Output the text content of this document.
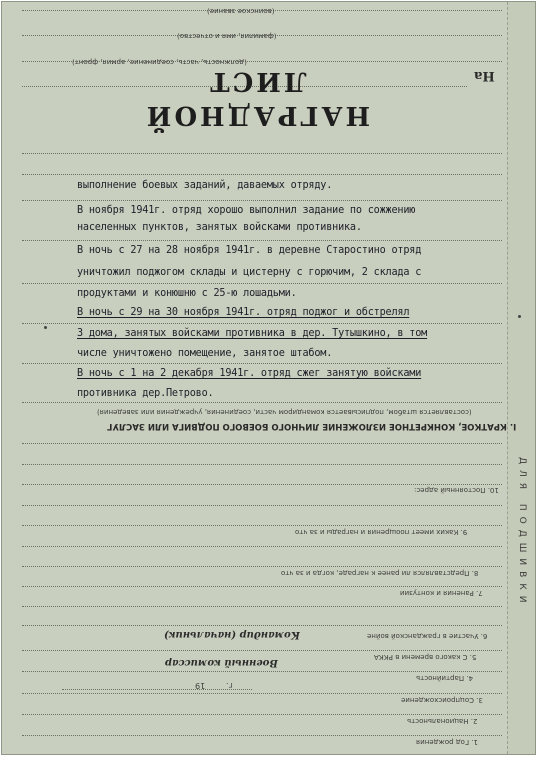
(воинское звание)
(фамилия, имя и отчество)
(должность, часть, соединение, армия, фронт)
На
НАГРАДНОЙ ЛИСТ
выполнение боевых заданий, даваемых отряду.
В ноября 1941г. отряд хорошо выполнил задание по сожжению
населенных пунктов, занятых войсками противника.
В ночь с 27 на 28 ноября 1941г. в деревне Старостино отряд
уничтожил поджогом склады и цистерну с горючим, 2 склада с
продуктами и конюшню с 25-ю лошадьми.
В ночь с 29 на 30 ноября 1941г. отряд поджог и обстрелял
3 дома, занятых войсками противника в дер. Тутышкино, в том
числе уничтожено помещение, занятое штабом.
В ночь с 1 на 2 декабря 1941г. отряд сжег занятую войсками
противника дер.Петрово.
(составляется штабом, подписывается командиром части, соединения, учреждения или заведения)
I. КРАТКОЕ, КОНКРЕТНОЕ ИЗЛОЖЕНИЕ ЛИЧНОГО БОЕВОГО ПОДВИГА ИЛИ ЗАСЛУГ
10. Постоянный адрес:
9. Каких имеет поощрения и награды и за что
8. Представлялся ли ранее к награде, когда и за что
7. Ранения и контузии
6. Участие в гражданской войне
5. С какого времени в РККА
4. Партийность
3. Соцпроисхождение
2. Национальность
1. Год рождения
Командир (начальник)
Военный комиссар
19	г.
ДЛЯ ПОДШИВКИ
